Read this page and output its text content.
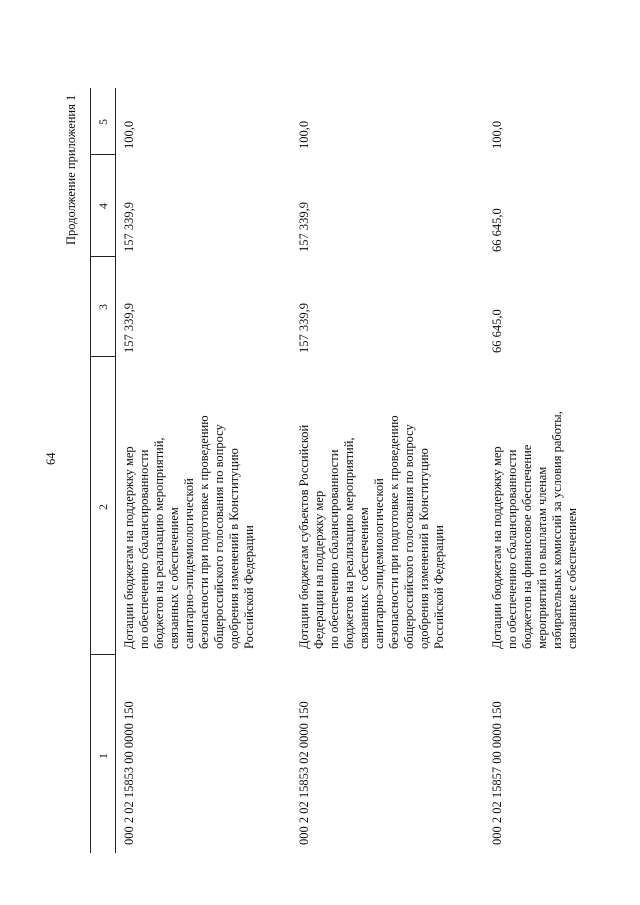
64
Продолжение приложения 1
1
2
3
4
5
000 2 02 15853 00 0000 150
Дотации бюджетам на поддержку мер по обеспечению сбалансированности бюджетов на реализацию мероприятий, связанных с обеспечением санитарно-эпидемиологической безопасности при подготовке к проведению общероссийского голосования по вопросу одобрения изменений в Конституцию Российской Федерации
157 339,9
157 339,9
100,0
000 2 02 15853 02 0000 150
Дотации бюджетам субъектов Российской Федерации на поддержку мер по обеспечению сбалансированности бюджетов на реализацию мероприятий, связанных с обеспечением санитарно-эпидемиологической безопасности при подготовке к проведению общероссийского голосования по вопросу одобрения изменений в Конституцию Российской Федерации
157 339,9
157 339,9
100,0
000 2 02 15857 00 0000 150
Дотации бюджетам на поддержку мер по обеспечению сбалансированности бюджетов на финансовое обеспечение мероприятий по выплатам членам избирательных комиссий за условия работы, связанные с обеспечением
66 645,0
66 645,0
100,0
